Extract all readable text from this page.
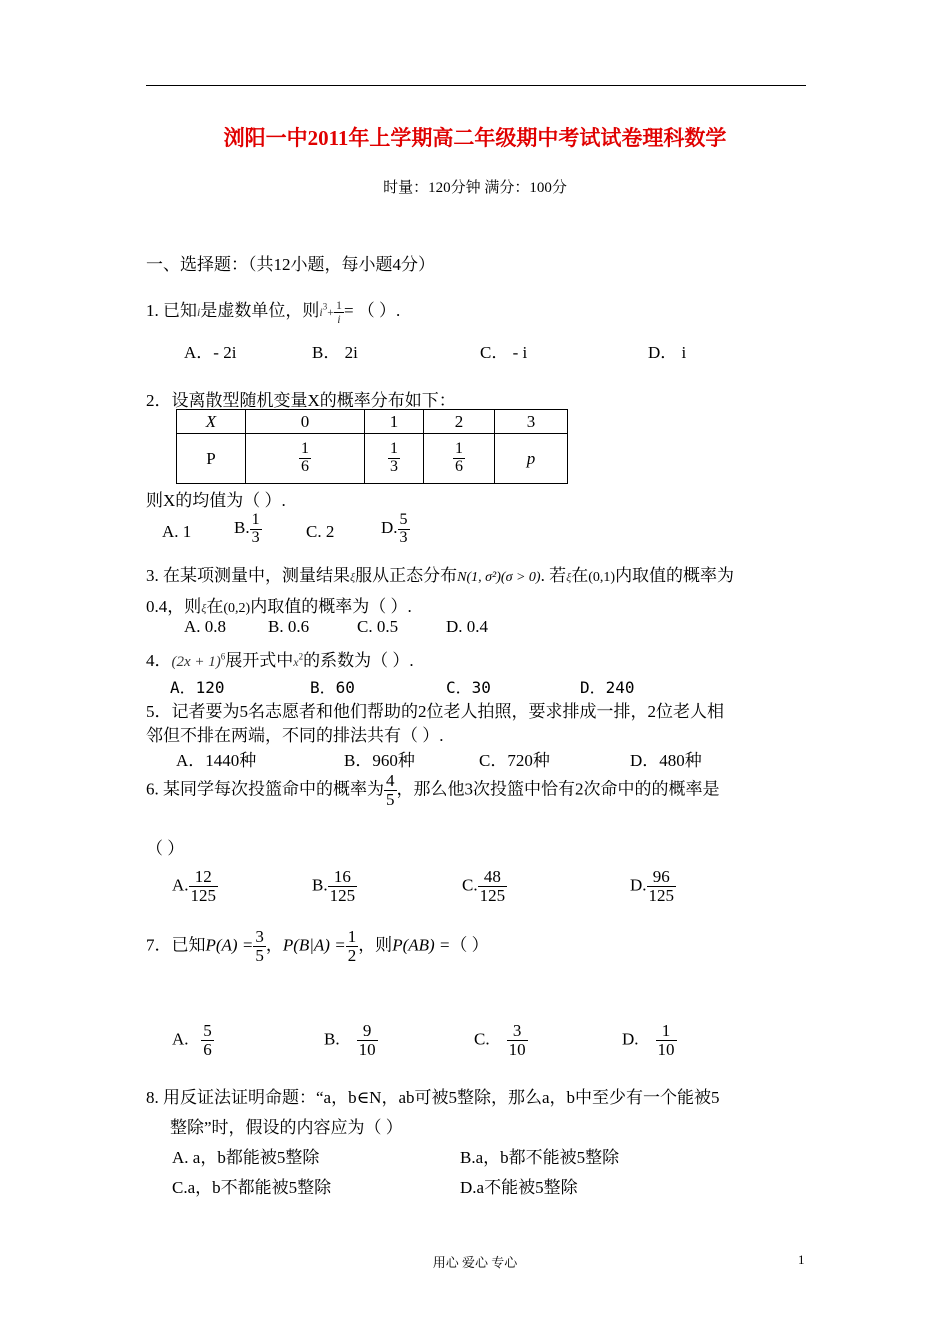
浏阳一中2011年上学期高二年级期中考试试卷理科数学
时量：120分钟 满分：100分
一、选择题：（共12小题，每小题4分）
1. 已知i是虚数单位，则$i^3+ \frac{1}{i}$ = （ ）.
A．- 2i	B． 2i	C． - i	D． i
2．设离散型随机变量X的概率分布如下：
X	0	1	2	3
P	$\frac{1}{6}$	$\frac{1}{3}$	$\frac{1}{6}$	p
则X的均值为（ ）.
A. 1	B. $\frac{1}{3}$	C. 2	D. $\frac{5}{3}$
3. 在某项测量中，测量结果ξ服从正态分布N(1, σ²)(σ > 0). 若ξ在(0,1)内取值的概率为
0.4，则ξ在(0,2)内取值的概率为（ ）.
A. 0.8 B. 0.6	C. 0.5	D. 0.4
4．$(2x + 1)^6$展开式中$x^2$的系数为（ ）.
A．120	B．60	C．30	D．240
5．记者要为5名志愿者和他们帮助的2位老人拍照，要求排成一排，2位老人相
邻但不排在两端，不同的排法共有（ ）.
A．1440种	B．960种	C．720种	D．480种
6. 某同学每次投篮命中的概率为 $\frac{4}{5}$ ，那么他3次投篮中恰有2次命中的的概率是
（ ）
A. $\frac{12}{125}$	B. $\frac{16}{125}$	C. $\frac{48}{125}$	D. $\frac{96}{125}$
7．已知$P(A) = \frac{3}{5}$ ，$P(B|A) = \frac{1}{2}$ ，则P(AB) =（ ）
A. $\frac{5}{6}$	B. $\frac{9}{10}$	C. $\frac{3}{10}$	D. $\frac{1}{10}$
8. 用反证法证明命题：“a，b∈N，ab可被5整除，那么a，b中至少有一个能被5
整除”时，假设的内容应为（ ）
A. a，b都能被5整除	B.a，b都不能被5整除
C.a，b不都能被5整除	D.a不能被5整除
用心 爱心 专心	1
